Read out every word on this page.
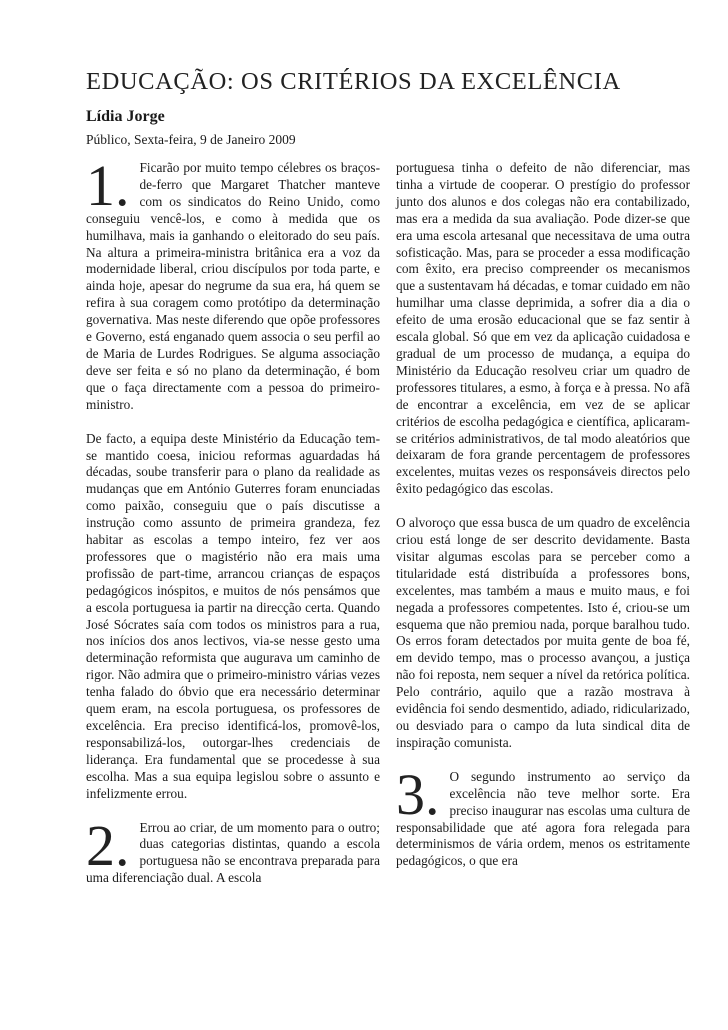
EDUCAÇÃO: OS CRITÉRIOS DA EXCELÊNCIA
Lídia Jorge
Público, Sexta-feira, 9 de Janeiro 2009

1. Ficarão por muito tempo célebres os braços-de-ferro que Margaret Thatcher manteve com os sindicatos do Reino Unido, como conseguiu vencê-los, e como à medida que os humilhava, mais ia ganhando o eleitorado do seu país. Na altura a primeira-ministra britânica era a voz da modernidade liberal, criou discípulos por toda parte, e ainda hoje, apesar do negrume da sua era, há quem se refira à sua coragem como protótipo da determinação governativa. Mas neste diferendo que opõe professores e Governo, está enganado quem associa o seu perfil ao de Maria de Lurdes Rodrigues. Se alguma associação deve ser feita e só no plano da determinação, é bom que o faça directamente com a pessoa do primeiro-ministro.

De facto, a equipa deste Ministério da Educação tem-se mantido coesa, iniciou reformas aguardadas há décadas, soube transferir para o plano da realidade as mudanças que em António Guterres foram enunciadas como paixão, conseguiu que o país discutisse a instrução como assunto de primeira grandeza, fez habitar as escolas a tempo inteiro, fez ver aos professores que o magistério não era mais uma profissão de part-time, arrancou crianças de espaços pedagógicos inóspitos, e muitos de nós pensámos que a escola portuguesa ia partir na direcção certa. Quando José Sócrates saía com todos os ministros para a rua, nos inícios dos anos lectivos, via-se nesse gesto uma determinação reformista que augurava um caminho de rigor. Não admira que o primeiro-ministro várias vezes tenha falado do óbvio que era necessário determinar quem eram, na escola portuguesa, os professores de excelência. Era preciso identificá-los, promovê-los, responsabilizá-los, outorgar-lhes credenciais de liderança. Era fundamental que se procedesse à sua escolha. Mas a sua equipa legislou sobre o assunto e infelizmente errou.

2. Errou ao criar, de um momento para o outro; duas categorias distintas, quando a escola portuguesa não se encontrava preparada para uma diferenciação dual. A escola

portuguesa tinha o defeito de não diferenciar, mas tinha a virtude de cooperar. O prestígio do professor junto dos alunos e dos colegas não era contabilizado, mas era a medida da sua avaliação. Pode dizer-se que era uma escola artesanal que necessitava de uma outra sofisticação. Mas, para se proceder a essa modificação com êxito, era preciso compreender os mecanismos que a sustentavam há décadas, e tomar cuidado em não humilhar uma classe deprimida, a sofrer dia a dia o efeito de uma erosão educacional que se faz sentir à escala global. Só que em vez da aplicação cuidadosa e gradual de um processo de mudança, a equipa do Ministério da Educação resolveu criar um quadro de professores titulares, a esmo, à força e à pressa. No afã de encontrar a excelência, em vez de se aplicar critérios de escolha pedagógica e científica, aplicaram-se critérios administrativos, de tal modo aleatórios que deixaram de fora grande percentagem de professores excelentes, muitas vezes os responsáveis directos pelo êxito pedagógico das escolas.

O alvoroço que essa busca de um quadro de excelência criou está longe de ser descrito devidamente. Basta visitar algumas escolas para se perceber como a titularidade está distribuída a professores bons, excelentes, mas também a maus e muito maus, e foi negada a professores competentes. Isto é, criou-se um esquema que não premiou nada, porque baralhou tudo. Os erros foram detectados por muita gente de boa fé, em devido tempo, mas o processo avançou, a justiça não foi reposta, nem sequer a nível da retórica política. Pelo contrário, aquilo que a razão mostrava à evidência foi sendo desmentido, adiado, ridicularizado, ou desviado para o campo da luta sindical dita de inspiração comunista.

3. O segundo instrumento ao serviço da excelência não teve melhor sorte. Era preciso inaugurar nas escolas uma cultura de responsabilidade que até agora fora relegada para determinismos de vária ordem, menos os estritamente pedagógicos, o que era
